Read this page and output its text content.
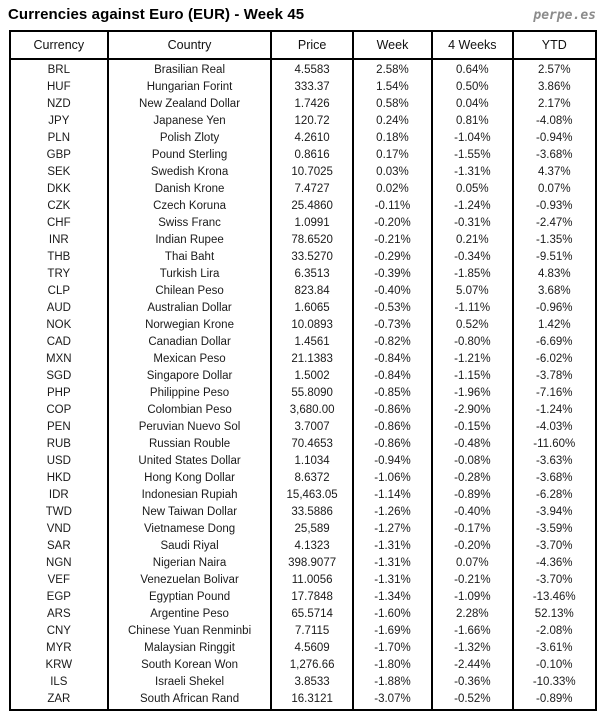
Currencies against Euro (EUR) - Week 45	perpe.es
Currency	Country	Price	Week	4 Weeks	YTD
BRL	Brasilian Real	4.5583	2.58%	0.64%	2.57%
HUF	Hungarian Forint	333.37	1.54%	0.50%	3.86%
NZD	New Zealand Dollar	1.7426	0.58%	0.04%	2.17%
JPY	Japanese Yen	120.72	0.24%	0.81%	-4.08%
PLN	Polish Zloty	4.2610	0.18%	-1.04%	-0.94%
GBP	Pound Sterling	0.8616	0.17%	-1.55%	-3.68%
SEK	Swedish Krona	10.7025	0.03%	-1.31%	4.37%
DKK	Danish Krone	7.4727	0.02%	0.05%	0.07%
CZK	Czech Koruna	25.4860	-0.11%	-1.24%	-0.93%
CHF	Swiss Franc	1.0991	-0.20%	-0.31%	-2.47%
INR	Indian Rupee	78.6520	-0.21%	0.21%	-1.35%
THB	Thai Baht	33.5270	-0.29%	-0.34%	-9.51%
TRY	Turkish Lira	6.3513	-0.39%	-1.85%	4.83%
CLP	Chilean Peso	823.84	-0.40%	5.07%	3.68%
AUD	Australian Dollar	1.6065	-0.53%	-1.11%	-0.96%
NOK	Norwegian Krone	10.0893	-0.73%	0.52%	1.42%
CAD	Canadian Dollar	1.4561	-0.82%	-0.80%	-6.69%
MXN	Mexican Peso	21.1383	-0.84%	-1.21%	-6.02%
SGD	Singapore Dollar	1.5002	-0.84%	-1.15%	-3.78%
PHP	Philippine Peso	55.8090	-0.85%	-1.96%	-7.16%
COP	Colombian Peso	3,680.00	-0.86%	-2.90%	-1.24%
PEN	Peruvian Nuevo Sol	3.7007	-0.86%	-0.15%	-4.03%
RUB	Russian Rouble	70.4653	-0.86%	-0.48%	-11.60%
USD	United States Dollar	1.1034	-0.94%	-0.08%	-3.63%
HKD	Hong Kong Dollar	8.6372	-1.06%	-0.28%	-3.68%
IDR	Indonesian Rupiah	15,463.05	-1.14%	-0.89%	-6.28%
TWD	New Taiwan Dollar	33.5886	-1.26%	-0.40%	-3.94%
VND	Vietnamese Dong	25,589	-1.27%	-0.17%	-3.59%
SAR	Saudi Riyal	4.1323	-1.31%	-0.20%	-3.70%
NGN	Nigerian Naira	398.9077	-1.31%	0.07%	-4.36%
VEF	Venezuelan Bolivar	11.0056	-1.31%	-0.21%	-3.70%
EGP	Egyptian Pound	17.7848	-1.34%	-1.09%	-13.46%
ARS	Argentine Peso	65.5714	-1.60%	2.28%	52.13%
CNY	Chinese Yuan Renminbi	7.7115	-1.69%	-1.66%	-2.08%
MYR	Malaysian Ringgit	4.5609	-1.70%	-1.32%	-3.61%
KRW	South Korean Won	1,276.66	-1.80%	-2.44%	-0.10%
ILS	Israeli Shekel	3.8533	-1.88%	-0.36%	-10.33%
ZAR	South African Rand	16.3121	-3.07%	-0.52%	-0.89%
